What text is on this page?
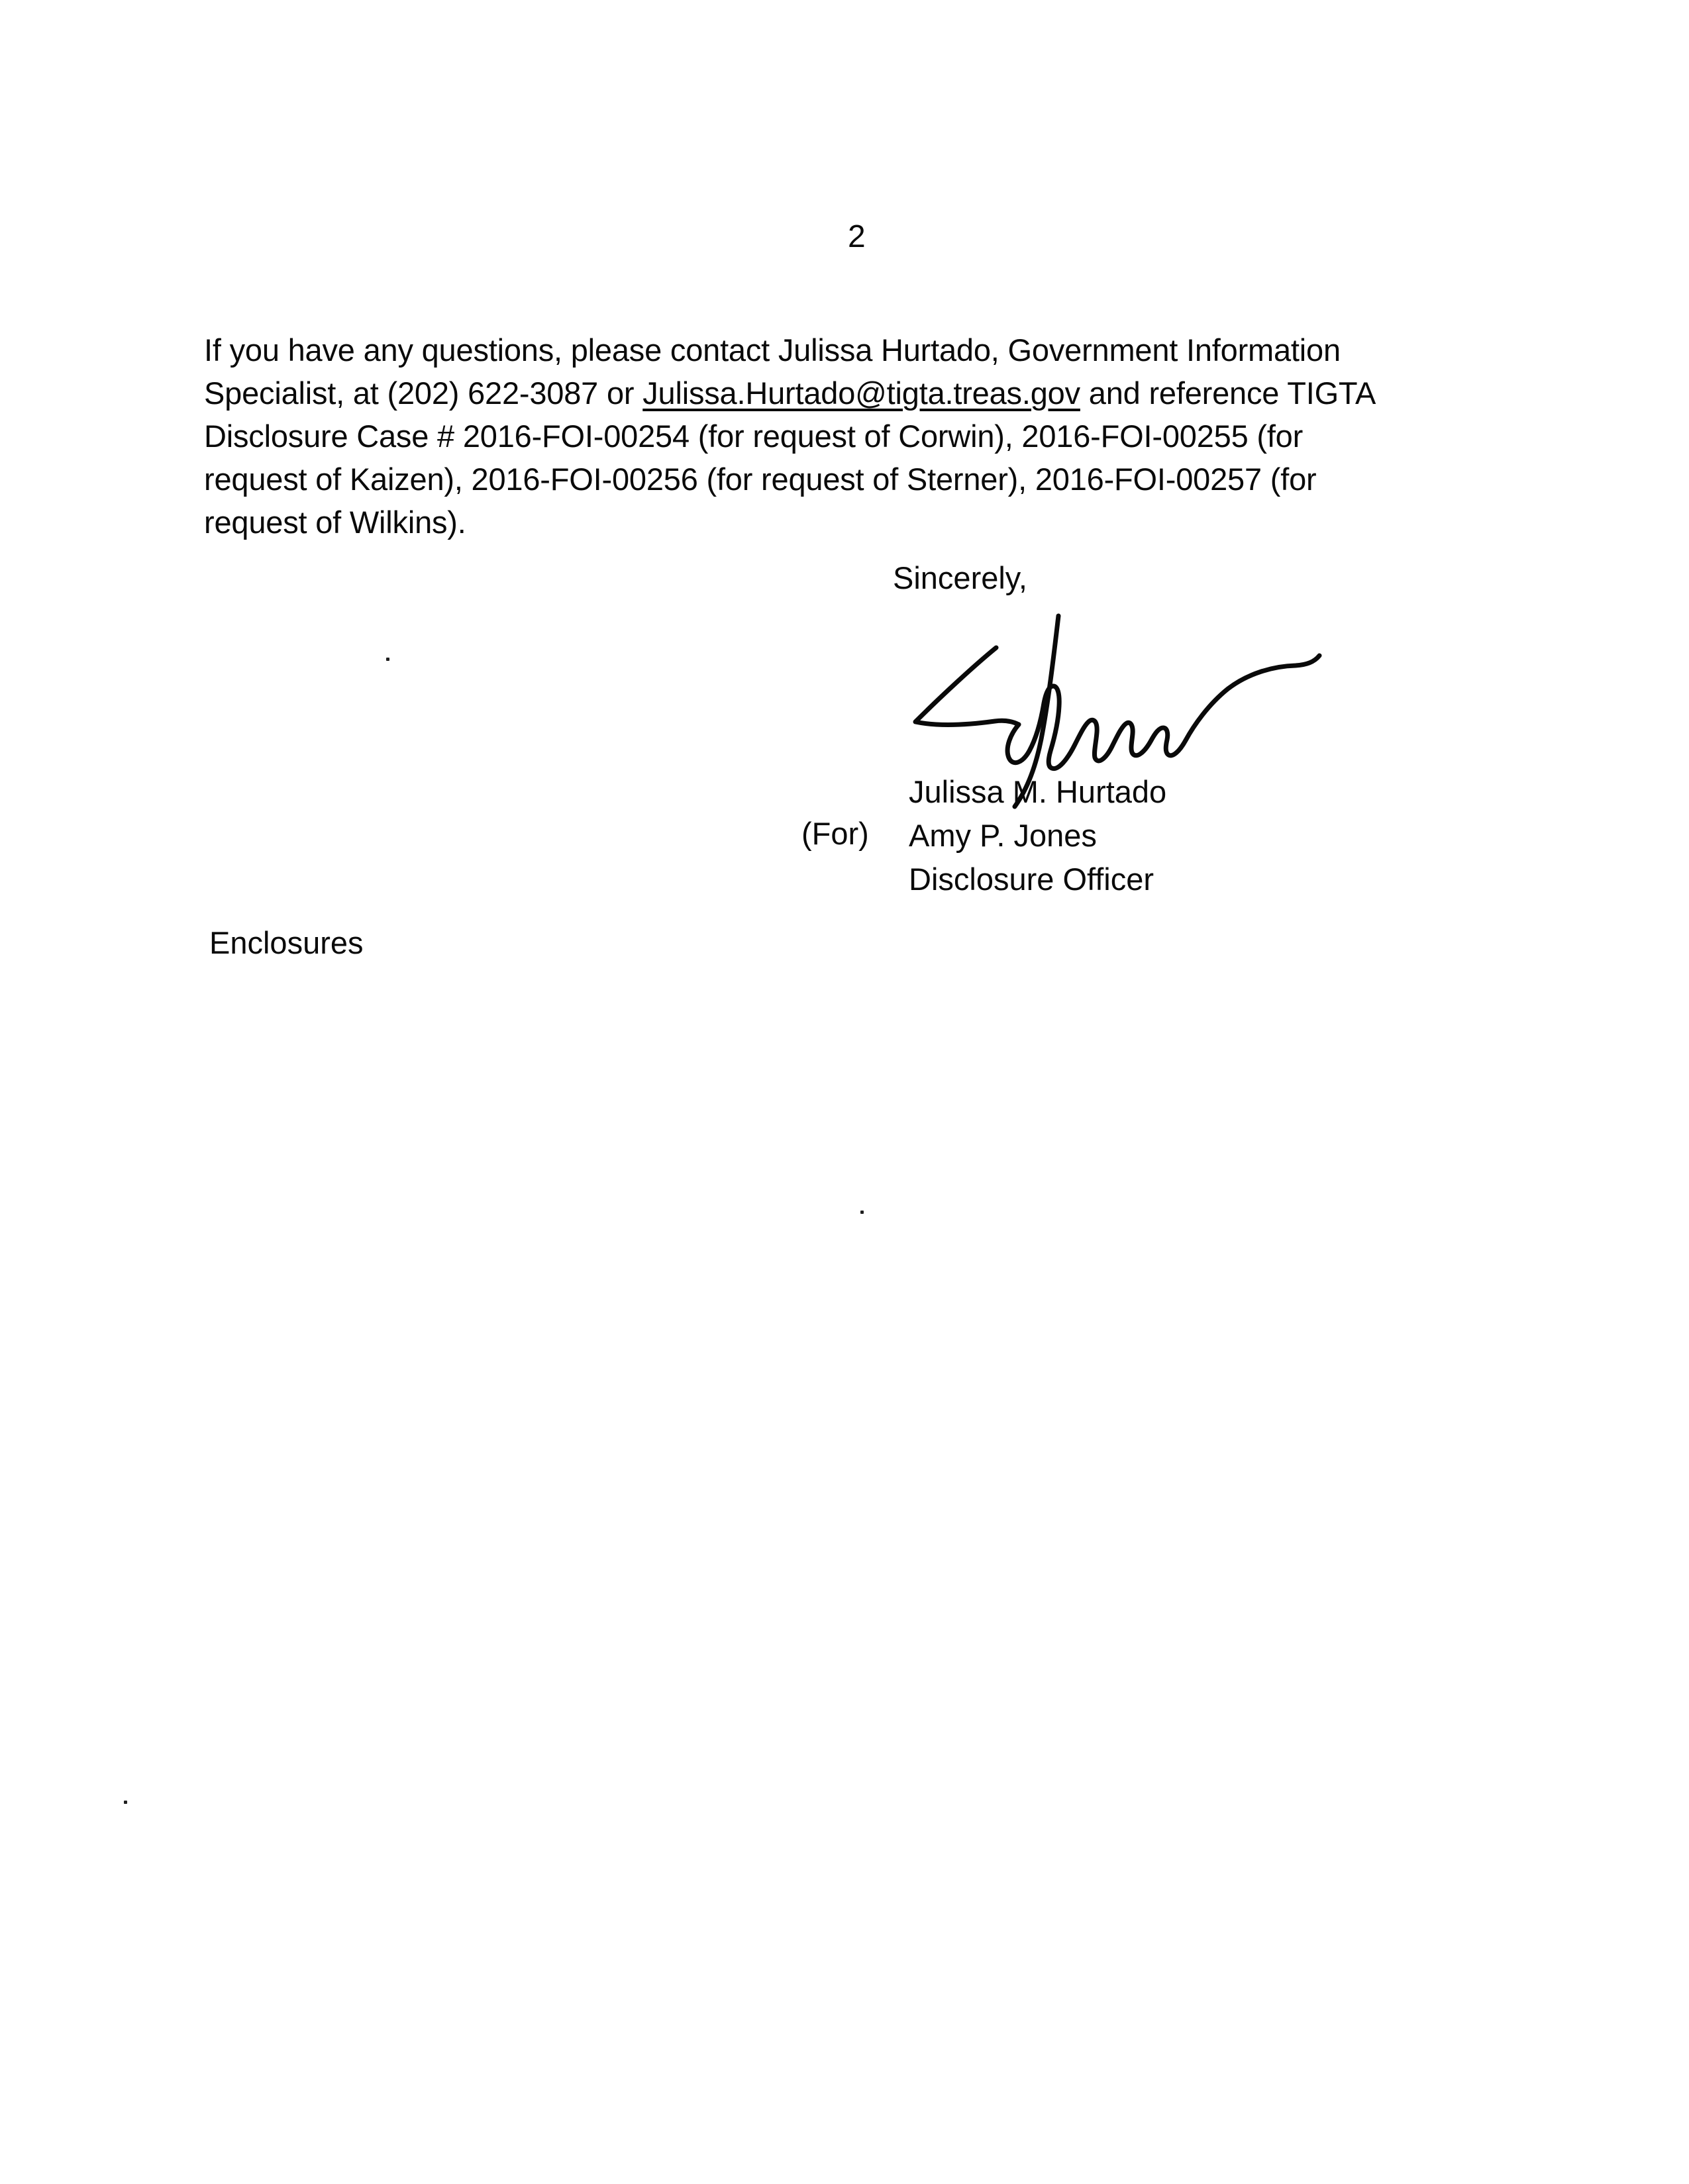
2
If you have any questions, please contact Julissa Hurtado, Government Information
Specialist, at (202) 622-3087 or Julissa.Hurtado@tigta.treas.gov and reference TIGTA
Disclosure Case # 2016-FOI-00254 (for request of Corwin), 2016-FOI-00255 (for
request of Kaizen), 2016-FOI-00256 (for request of Sterner), 2016-FOI-00257 (for
request of Wilkins).
Sincerely,
Julissa M. Hurtado
Amy P. Jones
Disclosure Officer
(For)
Enclosures
